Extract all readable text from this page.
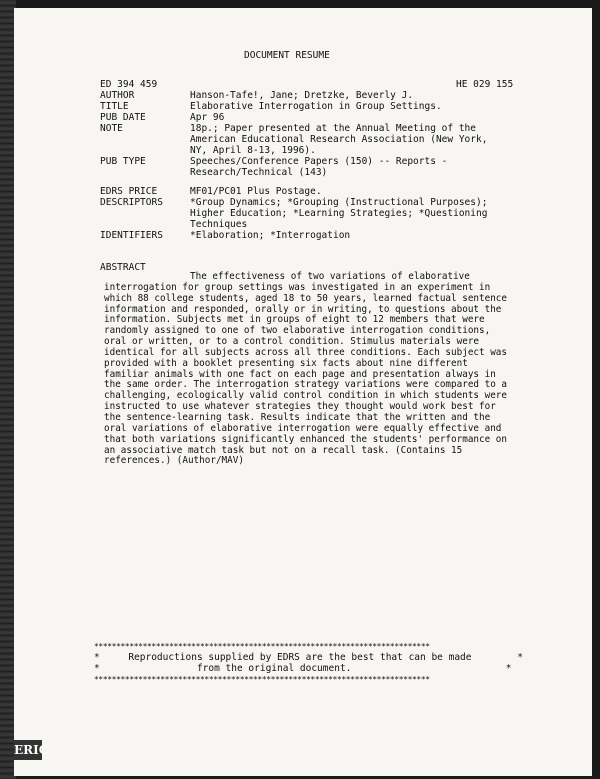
DOCUMENT RESUME
ED 394 459	HE 029 155
AUTHOR	Hanson-Tafe!, Jane; Dretzke, Beverly J.
TITLE	Elaborative Interrogation in Group Settings.
PUB DATE	Apr 96
NOTE	18p.; Paper presented at the Annual Meeting of the
American Educational Research Association (New York,
NY, April 8-13, 1996).
PUB TYPE	Speeches/Conference Papers (150) -- Reports -
Research/Technical (143)
EDRS PRICE	MF01/PC01 Plus Postage.
DESCRIPTORS	*Group Dynamics; *Grouping (Instructional Purposes);
Higher Education; *Learning Strategies; *Questioning
Techniques
IDENTIFIERS	*Elaboration; *Interrogation
ABSTRACT
The effectiveness of two variations of elaborative interrogation for group settings was investigated in an experiment in which 88 college students, aged 18 to 50 years, learned factual sentence information and responded, orally or in writing, to questions about the information. Subjects met in groups of eight to 12 members that were randomly assigned to one of two elaborative interrogation conditions, oral or written, or to a control condition. Stimulus materials were identical for all subjects across all three conditions. Each subject was provided with a booklet presenting six facts about nine different familiar animals with one fact on each page and presentation always in the same order. The interrogation strategy variations were compared to a challenging, ecologically valid control condition in which students were instructed to use whatever strategies they thought would work best for the sentence-learning task. Results indicate that the written and the oral variations of elaborative interrogation were equally effective and that both variations significantly enhanced the students' performance on an associative match task but not on a recall task. (Contains 15 references.) (Author/MAV)
****************************************************************************
*     Reproductions supplied by EDRS are the best that can be made        *
*                 from the original document.                           *
****************************************************************************
ERIC
